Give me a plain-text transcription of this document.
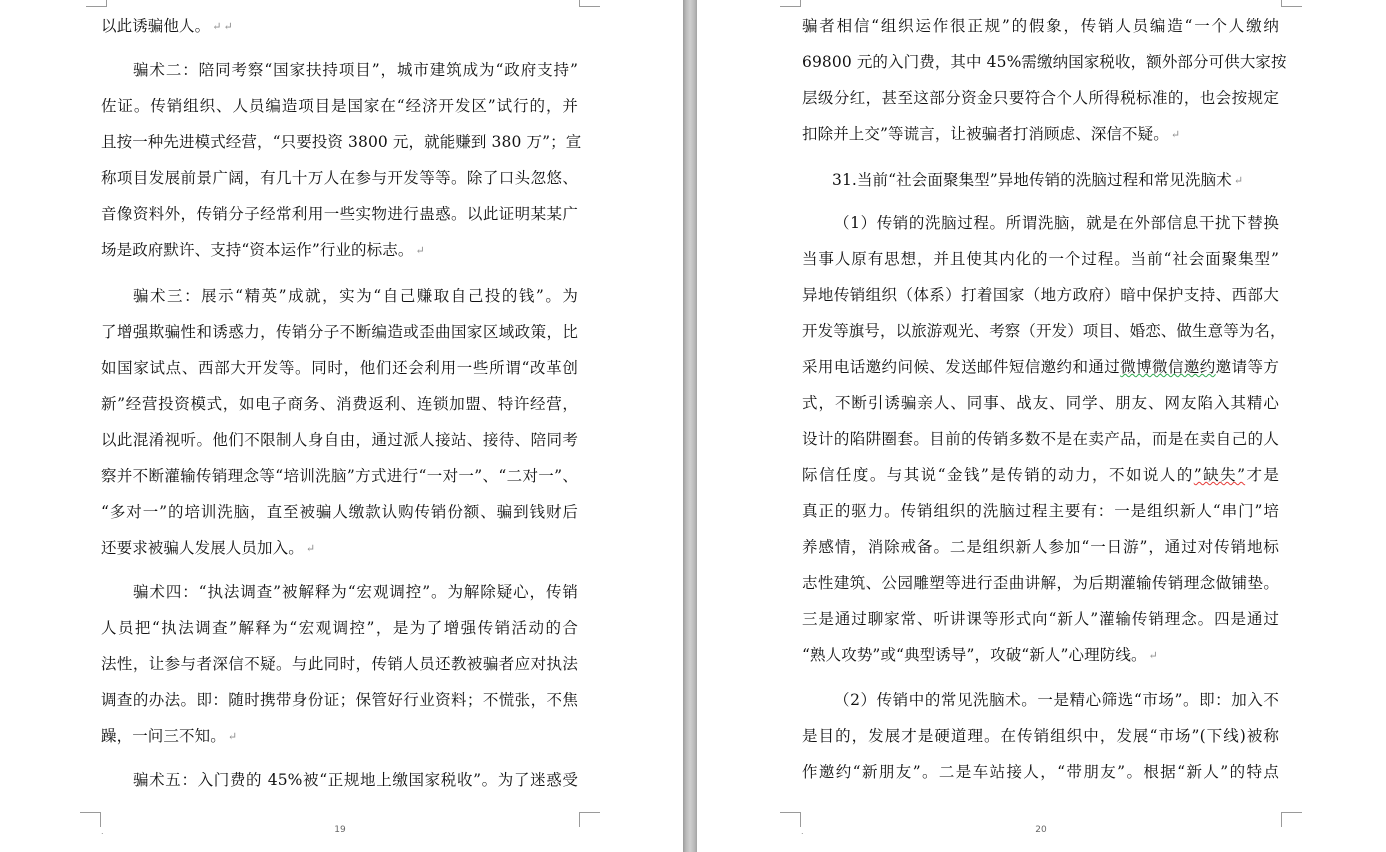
以此诱骗他人。 ↵ ↵
骗术二：陪同考察“国家扶持项目”，城市建筑成为“政府支持”
佐证。传销组织、人员编造项目是国家在“经济开发区”试行的，并
且按一种先进模式经营，“只要投资 3800 元，就能赚到 380 万”；宣
称项目发展前景广阔，有几十万人在参与开发等等。除了口头忽悠、
音像资料外，传销分子经常利用一些实物进行蛊惑。以此证明某某广
场是政府默许、支持“资本运作”行业的标志。 ↵
骗术三：展示“精英”成就，实为“自己赚取自己投的钱”。为
了增强欺骗性和诱惑力，传销分子不断编造或歪曲国家区域政策，比
如国家试点、西部大开发等。同时，他们还会利用一些所谓“改革创
新”经营投资模式，如电子商务、消费返利、连锁加盟、特许经营，
以此混淆视听。他们不限制人身自由，通过派人接站、接待、陪同考
察并不断灌输传销理念等“培训洗脑”方式进行“一对一”、“二对一”、
“多对一”的培训洗脑，直至被骗人缴款认购传销份额、骗到钱财后
还要求被骗人发展人员加入。 ↵
骗术四：“执法调查”被解释为“宏观调控”。为解除疑心，传销
人员把“执法调查”解释为“宏观调控”，是为了增强传销活动的合
法性，让参与者深信不疑。与此同时，传销人员还教被骗者应对执法
调查的办法。即：随时携带身份证；保管好行业资料；不慌张，不焦
躁，一问三不知。 ↵
骗术五：入门费的 45%被“正规地上缴国家税收”。为了迷惑受
.	19
骗者相信“组织运作很正规”的假象，传销人员编造“一个人缴纳
69800 元的入门费，其中 45%需缴纳国家税收，额外部分可供大家按
层级分红，甚至这部分资金只要符合个人所得税标准的，也会按规定
扣除并上交”等谎言，让被骗者打消顾虑、深信不疑。 ↵
31.当前“社会面聚集型”异地传销的洗脑过程和常见洗脑术 ↵
（1）传销的洗脑过程。所谓洗脑，就是在外部信息干扰下替换
当事人原有思想，并且使其内化的一个过程。当前“社会面聚集型”
异地传销组织（体系）打着国家（地方政府）暗中保护支持、西部大
开发等旗号，以旅游观光、考察（开发）项目、婚恋、做生意等为名，
采用电话邀约问候、发送邮件短信邀约和通过微博微信邀约邀请等方
式，不断引诱骗亲人、同事、战友、同学、朋友、网友陷入其精心
设计的陷阱圈套。目前的传销多数不是在卖产品，而是在卖自己的人
际信任度。与其说“金钱”是传销的动力，不如说人的”缺失”才是
真正的驱力。传销组织的洗脑过程主要有：一是组织新人“串门”培
养感情，消除戒备。二是组织新人参加“一日游”，通过对传销地标
志性建筑、公园雕塑等进行歪曲讲解，为后期灌输传销理念做铺垫。
三是通过聊家常、听讲课等形式向“新人”灌输传销理念。四是通过
“熟人攻势”或“典型诱导”，攻破“新人”心理防线。 ↵
（2）传销中的常见洗脑术。一是精心筛选“市场”。即：加入不
是目的，发展才是硬道理。在传销组织中，发展“市场”(下线)被称
作邀约“新朋友”。二是车站接人，“带朋友”。根据“新人”的特点
.	20
